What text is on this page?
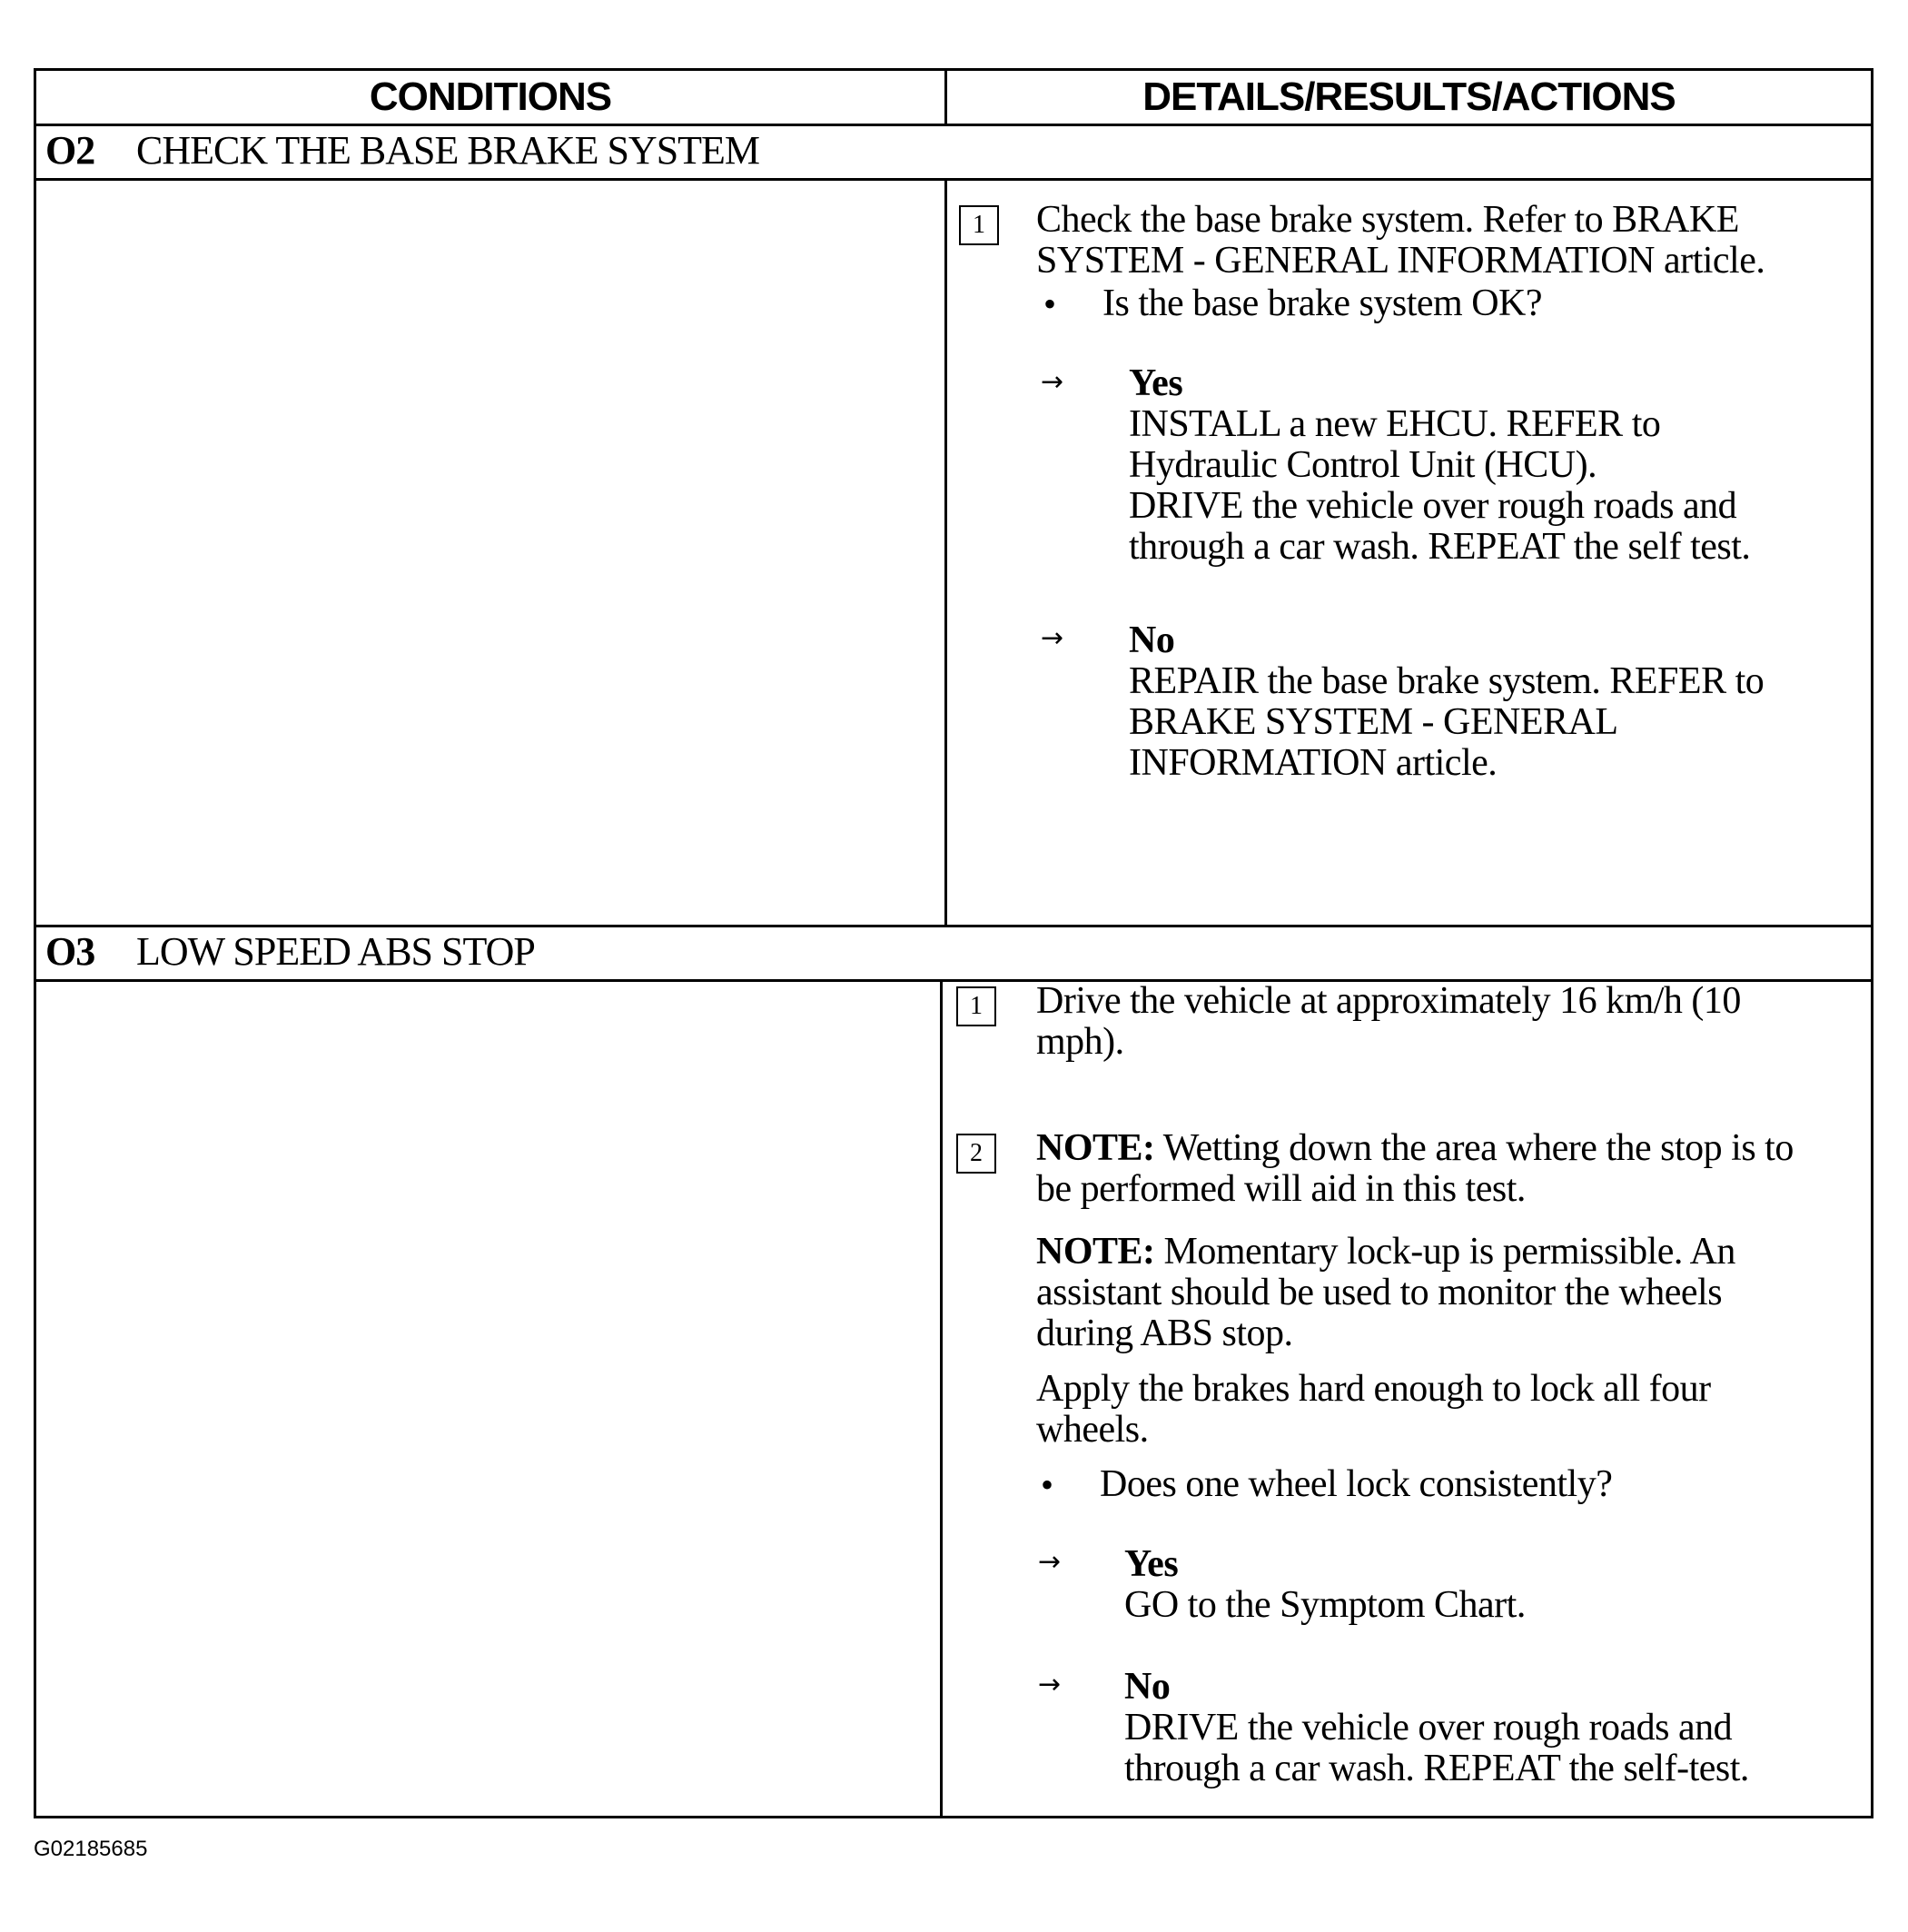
CONDITIONS	DETAILS/RESULTS/ACTIONS
O2 CHECK THE BASE BRAKE SYSTEM
1	Check the base brake system. Refer to BRAKE
SYSTEM - GENERAL INFORMATION article.
• Is the base brake system OK?
→ Yes
INSTALL a new EHCU. REFER to
Hydraulic Control Unit (HCU).
DRIVE the vehicle over rough roads and
through a car wash. REPEAT the self test.
→ No
REPAIR the base brake system. REFER to
BRAKE SYSTEM - GENERAL
INFORMATION article.
O3 LOW SPEED ABS STOP
1	Drive the vehicle at approximately 16 km/h (10
mph).
2	NOTE: Wetting down the area where the stop is to
be performed will aid in this test.
NOTE: Momentary lock-up is permissible. An
assistant should be used to monitor the wheels
during ABS stop.
Apply the brakes hard enough to lock all four
wheels.
• Does one wheel lock consistently?
→ Yes
GO to the Symptom Chart.
→ No
DRIVE the vehicle over rough roads and
through a car wash. REPEAT the self-test.
G02185685
